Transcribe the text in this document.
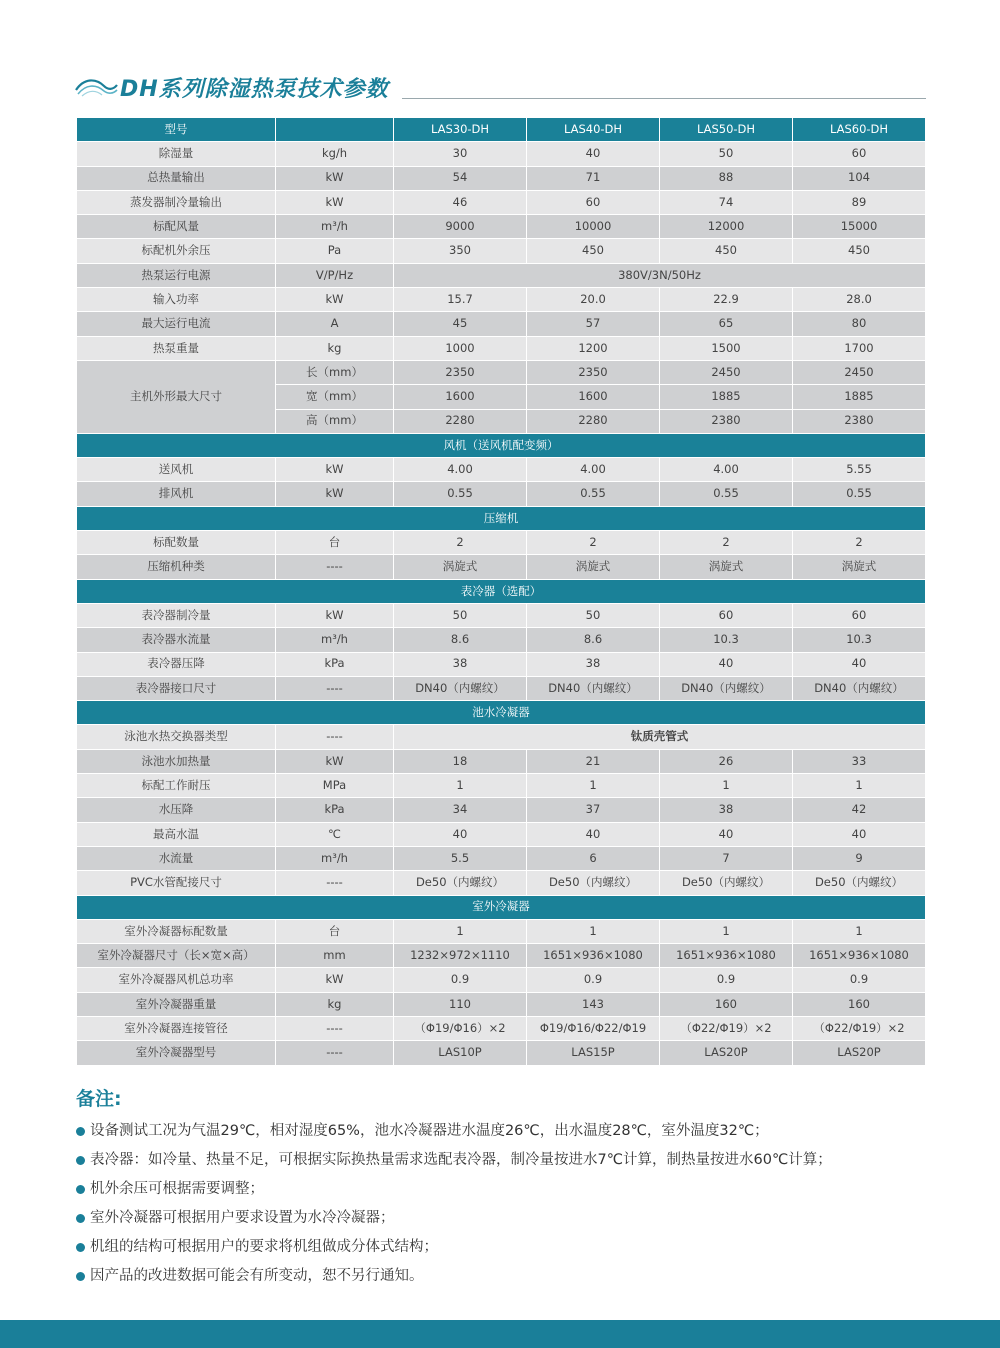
DH系列除湿热泵技术参数
型号		LAS30-DH	LAS40-DH	LAS50-DH	LAS60-DH
除湿量	kg/h	30	40	50	60
总热量输出	kW	54	71	88	104
蒸发器制冷量输出	kW	46	60	74	89
标配风量	m³/h	9000	10000	12000	15000
标配机外余压	Pa	350	450	450	450
热泵运行电源	V/P/Hz	380V/3N/50Hz			
输入功率	kW	15.7	20.0	22.9	28.0
最大运行电流	A	45	57	65	80
热泵重量	kg	1000	1200	1500	1700
主机外形最大尺寸	长（mm）	2350	2350	2450	2450
	宽（mm）	1600	1600	1885	1885
	高（mm）	2280	2280	2380	2380
风机（送风机配变频）					
送风机	kW	4.00	4.00	4.00	5.55
排风机	kW	0.55	0.55	0.55	0.55
压缩机					
标配数量	台	2	2	2	2
压缩机种类	----	涡旋式	涡旋式	涡旋式	涡旋式
表冷器（选配）					
表冷器制冷量	kW	50	50	60	60
表冷器水流量	m³/h	8.6	8.6	10.3	10.3
表冷器压降	kPa	38	38	40	40
表冷器接口尺寸	----	DN40（内螺纹）	DN40（内螺纹）	DN40（内螺纹）	DN40（内螺纹）
池水冷凝器					
泳池水热交换器类型	----	钛质壳管式			
泳池水加热量	kW	18	21	26	33
标配工作耐压	MPa	1	1	1	1
水压降	kPa	34	37	38	42
最高水温	℃	40	40	40	40
水流量	m³/h	5.5	6	7	9
PVC水管配接尺寸	----	De50（内螺纹）	De50（内螺纹）	De50（内螺纹）	De50（内螺纹）
室外冷凝器					
室外冷凝器标配数量	台	1	1	1	1
室外冷凝器尺寸（长×宽×高）	mm	1232×972×1110	1651×936×1080	1651×936×1080	1651×936×1080
室外冷凝器风机总功率	kW	0.9	0.9	0.9	0.9
室外冷凝器重量	kg	110	143	160	160
室外冷凝器连接管径	----	（Φ19/Φ16）×2	Φ19/Φ16/Φ22/Φ19	（Φ22/Φ19）×2	（Φ22/Φ19）×2
室外冷凝器型号	----	LAS10P	LAS15P	LAS20P	LAS20P
备注:
设备测试工况为气温29℃，相对湿度65%，池水冷凝器进水温度26℃，出水温度28℃，室外温度32℃；
表冷器：如冷量、热量不足，可根据实际换热量需求选配表冷器，制冷量按进水7℃计算，制热量按进水60℃计算；
机外余压可根据需要调整；
室外冷凝器可根据用户要求设置为水冷冷凝器；
机组的结构可根据用户的要求将机组做成分体式结构；
因产品的改进数据可能会有所变动，恕不另行通知。
